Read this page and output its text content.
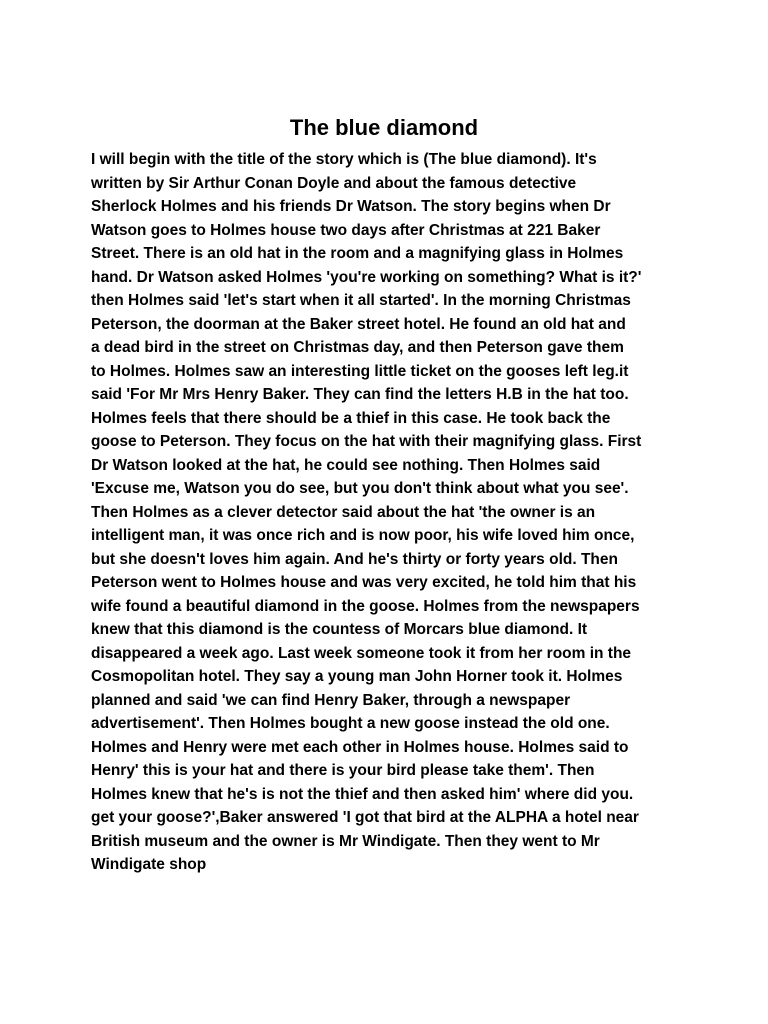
The blue diamond
I will begin with the title of the story which is (The blue diamond). It's
written by Sir Arthur Conan Doyle and about the famous detective
Sherlock Holmes and his friends Dr Watson. The story begins when Dr
Watson goes to Holmes house two days after Christmas at 221 Baker
Street. There is an old hat in the room and a magnifying glass in Holmes
hand. Dr Watson asked Holmes 'you're working on something? What is it?'
then Holmes said 'let's start when it all started'. In the morning Christmas
Peterson, the doorman at the Baker street hotel. He found an old hat and
a dead bird in the street on Christmas day, and then Peterson gave them
to Holmes. Holmes saw an interesting little ticket on the gooses left leg.it
said 'For Mr Mrs Henry Baker. They can find the letters H.B in the hat too.
Holmes feels that there should be a thief in this case. He took back the
goose to Peterson. They focus on the hat with their magnifying glass. First
Dr Watson looked at the hat, he could see nothing. Then Holmes said
'Excuse me, Watson you do see, but you don't think about what you see'.
Then Holmes as a clever detector said about the hat 'the owner is an
intelligent man, it was once rich and is now poor, his wife loved him once,
but she doesn't loves him again. And he's thirty or forty years old. Then
Peterson went to Holmes house and was very excited, he told him that his
wife found a beautiful diamond in the goose. Holmes from the newspapers
knew that this diamond is the countess of Morcars blue diamond. It
disappeared a week ago. Last week someone took it from her room in the
Cosmopolitan hotel. They say a young man John Horner took it. Holmes
planned and said 'we can find Henry Baker, through a newspaper
advertisement'. Then Holmes bought a new goose instead the old one.
Holmes and Henry were met each other in Holmes house. Holmes said to
Henry' this is your hat and there is your bird please take them'. Then
Holmes knew that he's is not the thief and then asked him' where did you.
get your goose?',Baker answered 'I got that bird at the ALPHA a hotel near
British museum and the owner is Mr Windigate. Then they went to Mr
Windigate shop
